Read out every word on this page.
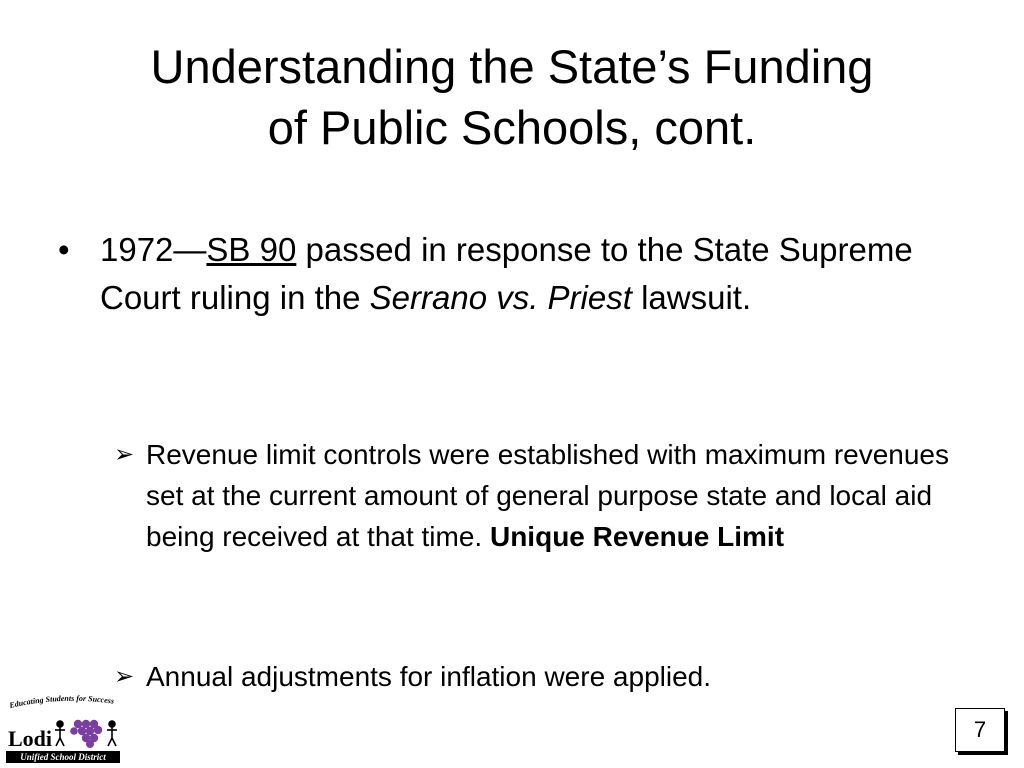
Understanding the State’s Funding
of Public Schools, cont.
• 1972—SB 90 passed in response to the State Supreme Court ruling in the Serrano vs. Priest lawsuit.
➢ Revenue limit controls were established with maximum revenues set at the current amount of general purpose state and local aid being received at that time. Unique Revenue Limit
➢ Annual adjustments for inflation were applied.
Educating Students for Success
Lodi
Unified School District
7
